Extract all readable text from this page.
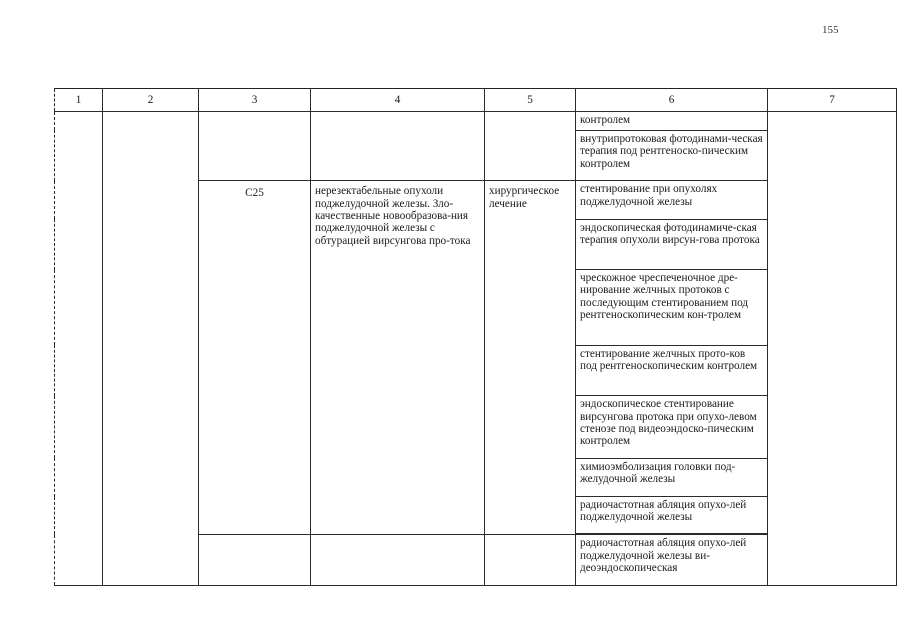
155
1	2	3	4	5	6	7
					контролем	
					внутрипротоковая фотодинами-ческая терапия под рентгеноско-пическим контролем	
		C25	нерезектабельные опухоли поджелудочной железы. Зло-качественные новообразова-ния поджелудочной железы с обтурацией вирсунгова про-тока	хирургическое лечение	стентирование при опухолях поджелудочной железы	
					эндоскопическая фотодинамиче-ская терапия опухоли вирсун-гова протока	
					чрескожное чреспеченочное дре-нирование желчных протоков с последующим стентированием под рентгеноскопическим кон-тролем	
					стентирование желчных прото-ков под рентгеноскопическим контролем	
					эндоскопическое стентирование вирсунгова протока при опухо-левом стенозе под видеоэндоско-пическим контролем	
					химиоэмболизация головки под-желудочной железы	
					радиочастотная абляция опухо-лей поджелудочной железы	

					радиочастотная абляция опухо-лей поджелудочной железы ви-деоэндоскопическая	
